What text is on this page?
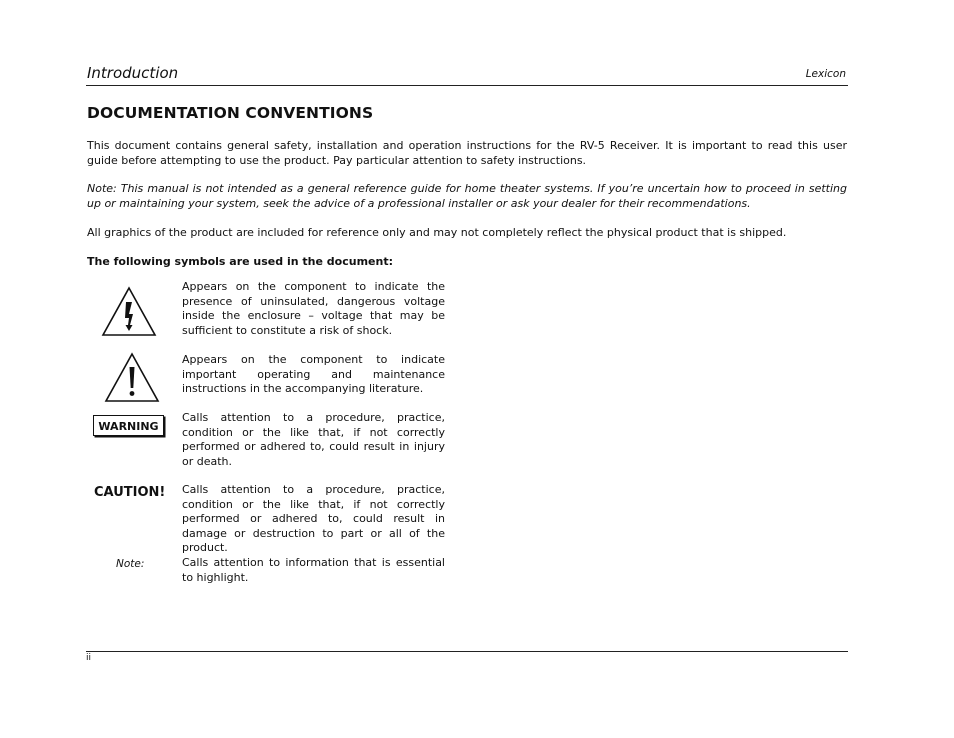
Introduction	Lexicon
DOCUMENTATION CONVENTIONS
This document contains general safety, installation and operation instructions for the RV-5 Receiver. It is important to read this user guide before attempting to use the product. Pay particular attention to safety instructions.
Note: This manual is not intended as a general reference guide for home theater systems. If you’re uncertain how to proceed in setting up or maintaining your system, seek the advice of a professional installer or ask your dealer for their recommendations.
All graphics of the product are included for reference only and may not completely reflect the physical product that is shipped.
The following symbols are used in the document:
Appears on the component to indicate the presence of uninsulated, dangerous voltage inside the enclosure – voltage that may be sufficient to constitute a risk of shock.
Appears on the component to indicate important operating and maintenance instructions in the accompanying literature.
WARNING
Calls attention to a procedure, practice, condition or the like that, if not correctly performed or adhered to, could result in injury or death.
CAUTION! Calls attention to a procedure, practice, condition or the like that, if not correctly performed or adhered to, could result in damage or destruction to part or all of the product.
Note:	Calls attention to information that is essential to highlight.
ii
